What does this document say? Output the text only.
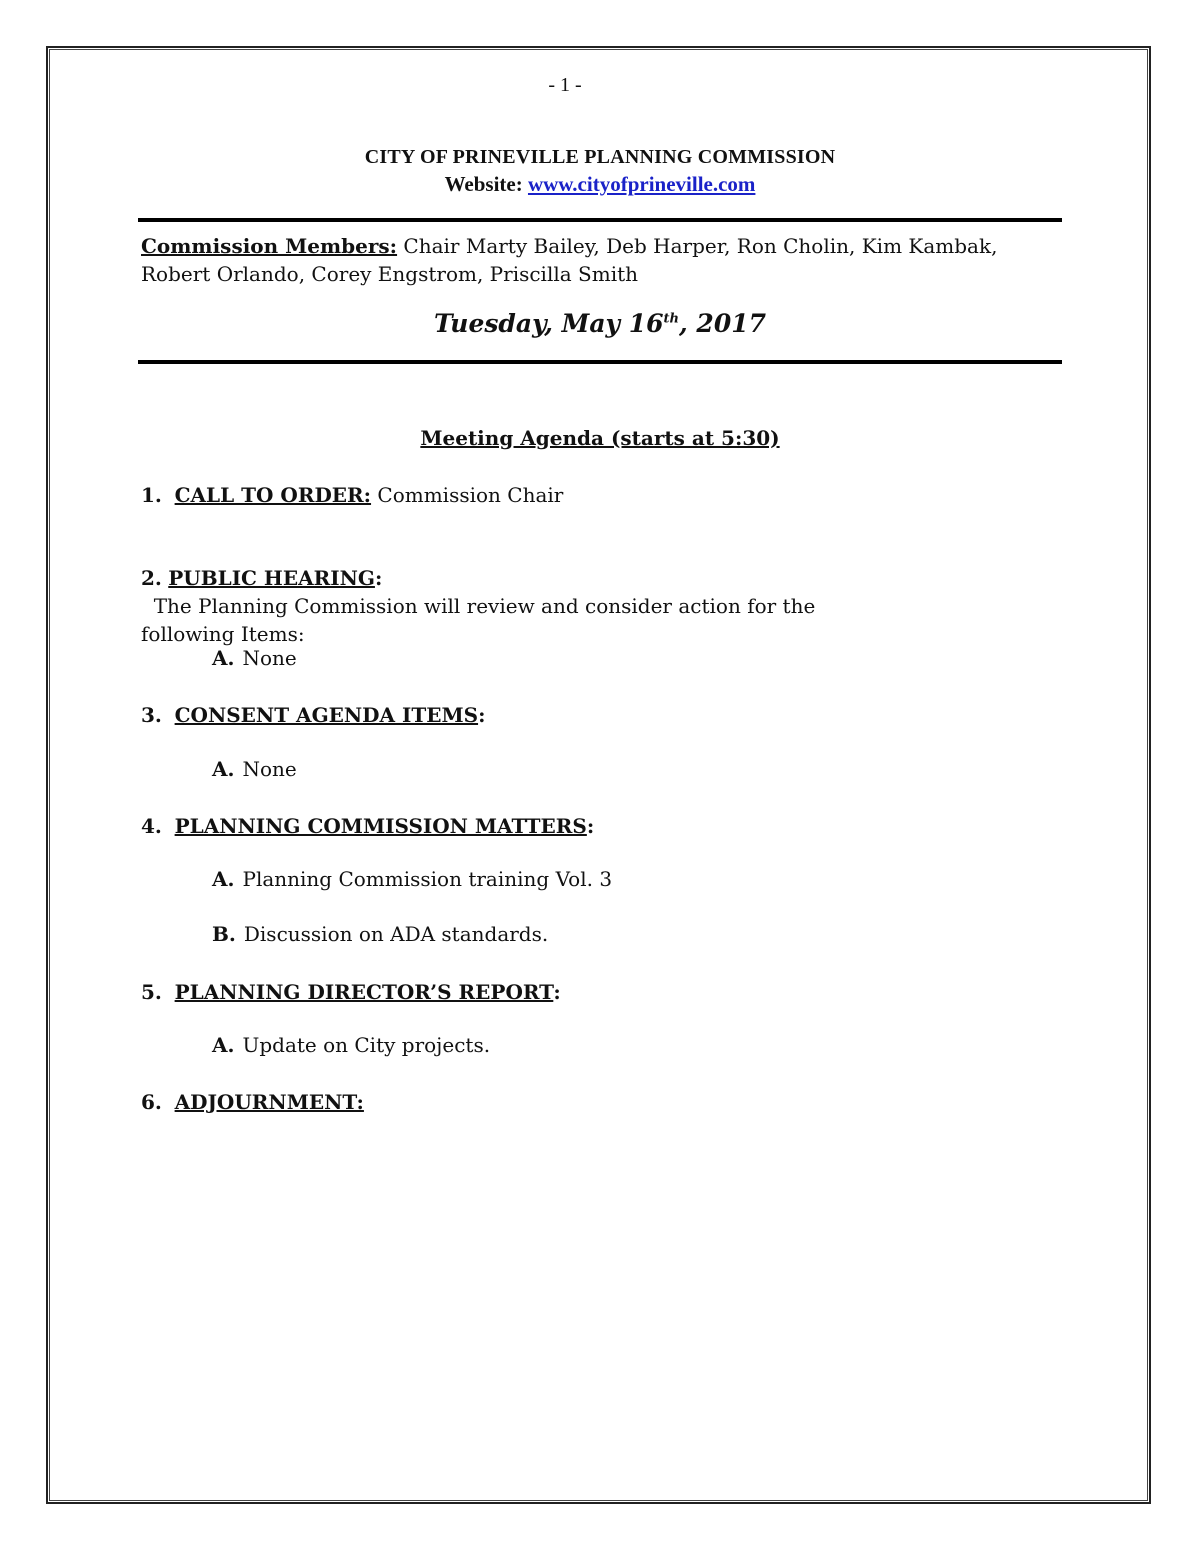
- 1 -
CITY OF PRINEVILLE PLANNING COMMISSION
Website: www.cityofprineville.com
Commission Members: Chair Marty Bailey, Deb Harper, Ron Cholin, Kim Kambak,
Robert Orlando, Corey Engstrom, Priscilla Smith
Tuesday, May 16th, 2017
Meeting Agenda (starts at 5:30)
1. CALL TO ORDER: Commission Chair
2. PUBLIC HEARING:  The Planning Commission will review and consider action for the
following Items:
A. None
3. CONSENT AGENDA ITEMS:
A. None
4. PLANNING COMMISSION MATTERS:
A. Planning Commission training Vol. 3
B. Discussion on ADA standards.
5. PLANNING DIRECTOR’S REPORT:
A. Update on City projects.
6. ADJOURNMENT:
